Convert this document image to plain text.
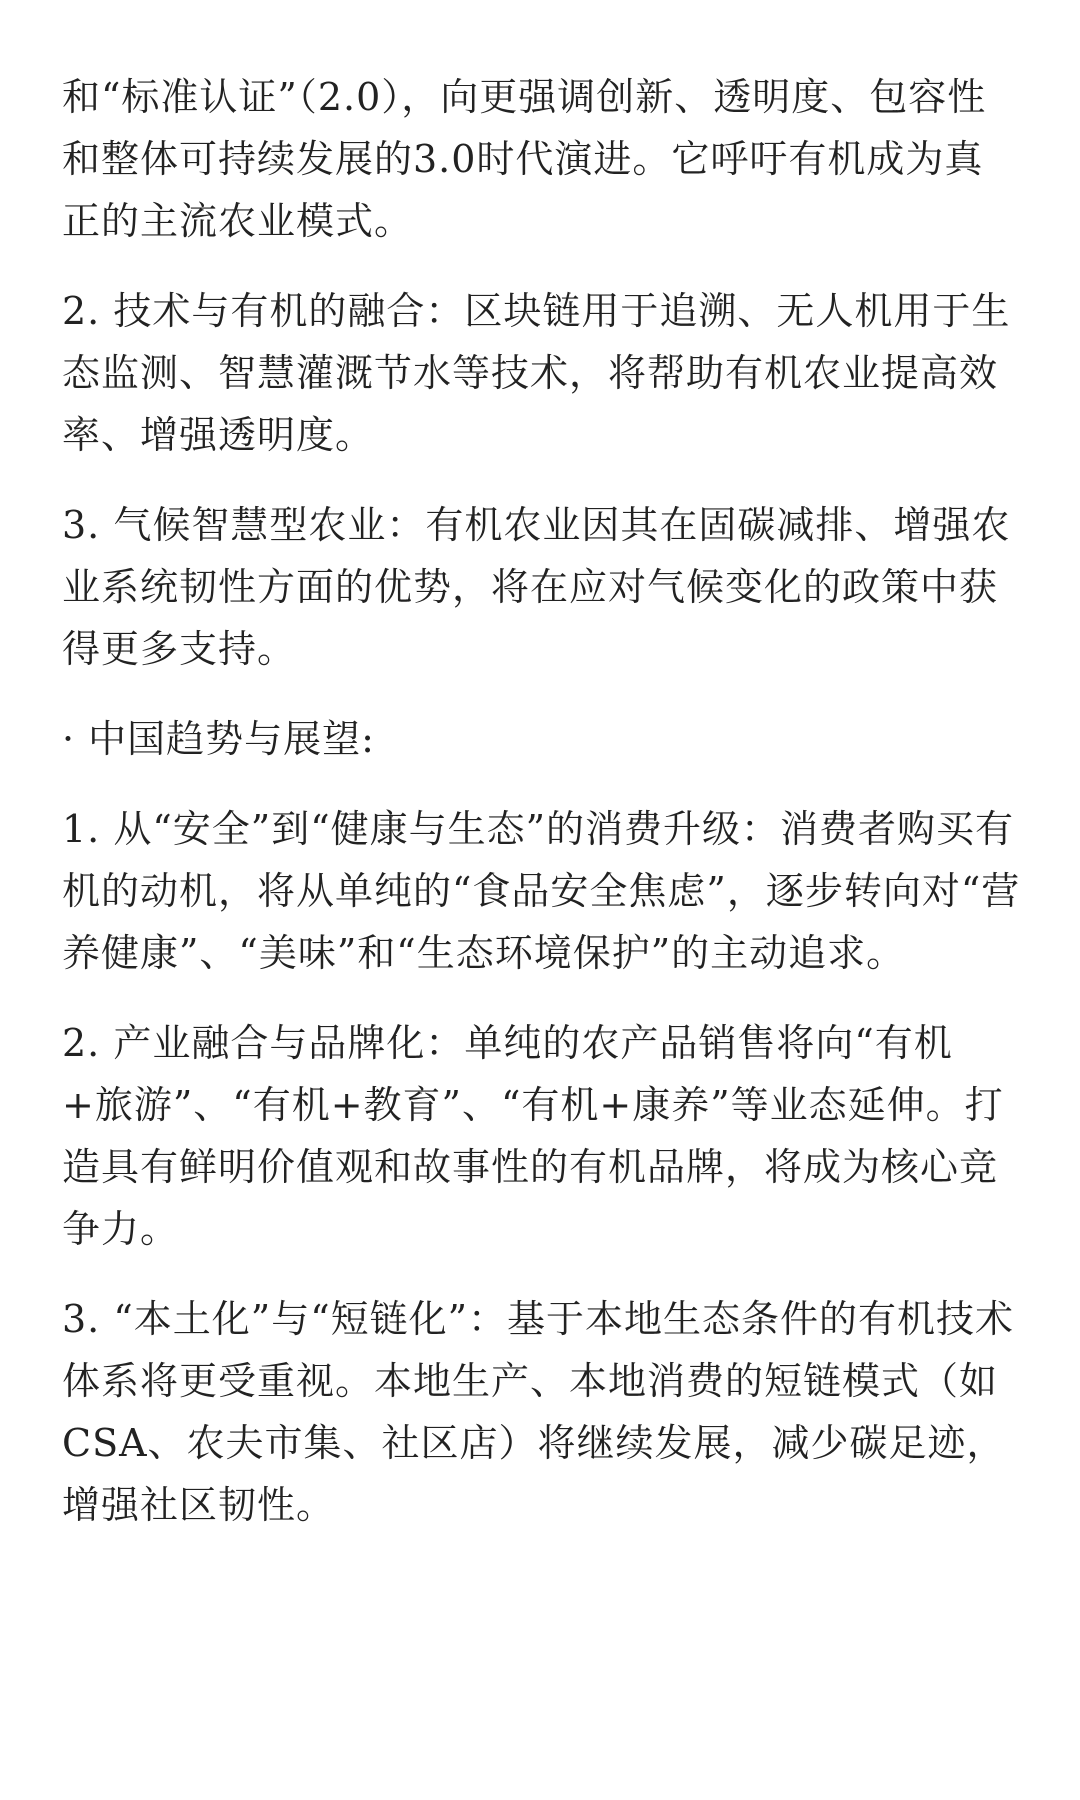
和“标准认证”（2.0），向更强调创新、透明度、包容性和整体可持续发展的3.0时代演进。它呼吁有机成为真正的主流农业模式。

2. 技术与有机的融合：区块链用于追溯、无人机用于生态监测、智慧灌溉节水等技术，将帮助有机农业提高效率、增强透明度。

3. 气候智慧型农业：有机农业因其在固碳减排、增强农业系统韧性方面的优势，将在应对气候变化的政策中获得更多支持。

· 中国趋势与展望:

1. 从“安全”到“健康与生态”的消费升级：消费者购买有机的动机，将从单纯的“食品安全焦虑”，逐步转向对“营养健康”、“美味”和“生态环境保护”的主动追求。

2. 产业融合与品牌化：单纯的农产品销售将向“有机+旅游”、“有机+教育”、“有机+康养”等业态延伸。打造具有鲜明价值观和故事性的有机品牌，将成为核心竞争力。

3. “本土化”与“短链化”：基于本地生态条件的有机技术体系将更受重视。本地生产、本地消费的短链模式（如CSA、农夫市集、社区店）将继续发展，减少碳足迹，增强社区韧性。
